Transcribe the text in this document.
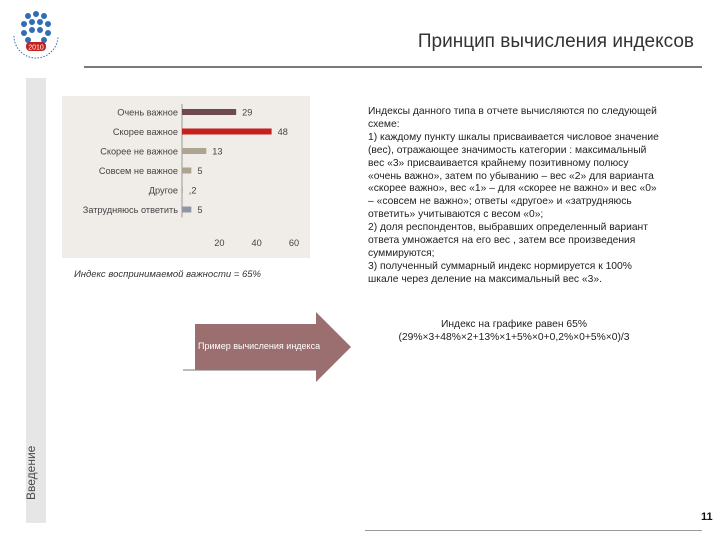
2010	Принцип вычисления индексов
Введение
Очень важное	29
Скорее важное	48
Скорее не важное	13
Совсем не важное 5
Другое ,2
Затрудняюсь ответить 5
20	40	60
Индекс воспринимаемой важности = 65%
Пример вычисления индекса
Индексы данного типа в отчете вычисляются по следующей схеме:
1) каждому пункту шкалы присваивается числовое значение (вес), отражающее значимость категории : максимальный вес «3» присваивается крайнему позитивному полюсу «очень важно», затем по убыванию – вес «2» для варианта «скорее важно», вес «1» – для «скорее не важно» и вес «0» – «совсем не важно»; ответы «другое» и «затрудняюсь ответить» учитываются с весом «0»;
2) доля респондентов, выбравших определенный вариант ответа умножается на его вес , затем все произведения суммируются;
3) полученный суммарный индекс нормируется к 100% шкале через деление на максимальный вес «3».
Индекс на графике равен 65%
(29%×3+48%×2+13%×1+5%×0+0,2%×0+5%×0)/3
11
